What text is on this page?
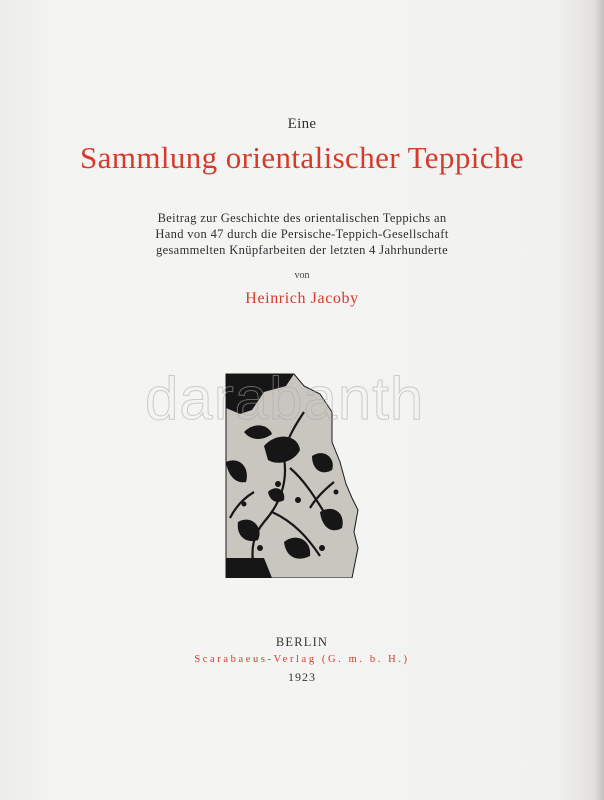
Eine
Sammlung orientalischer Teppiche
Beitrag zur Geschichte des orientalischen Teppichs an
Hand von 47 durch die Persische-Teppich-Gesellschaft
gesammelten Knüpfarbeiten der letzten 4 Jahrhunderte
von
Heinrich Jacoby
BERLIN
Scarabaeus-Verlag (G. m. b. H.)
1923
